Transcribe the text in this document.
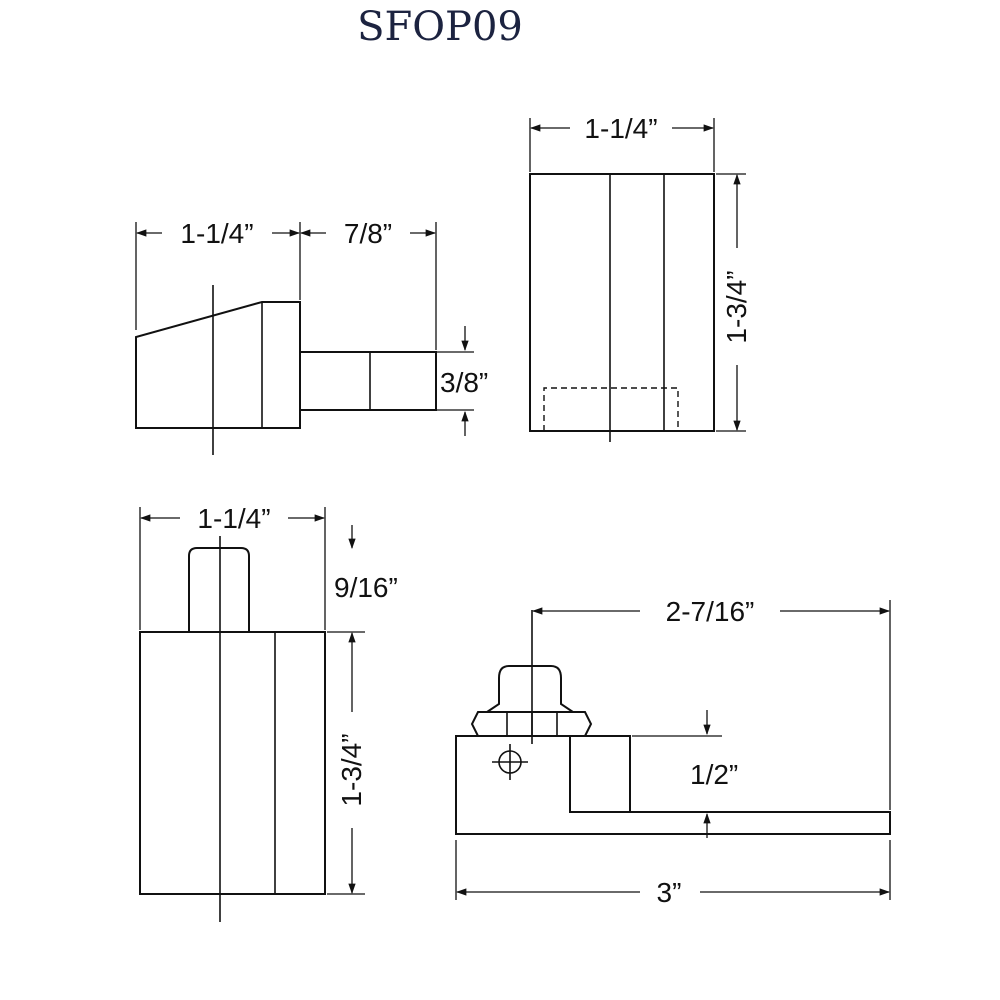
SFOP09
1-1/4”	7/8”
3/8”
1-1/4”
1-3/4”
1-1/4”
9/16”
1-3/4”
2-7/16”
1/2”
3”
